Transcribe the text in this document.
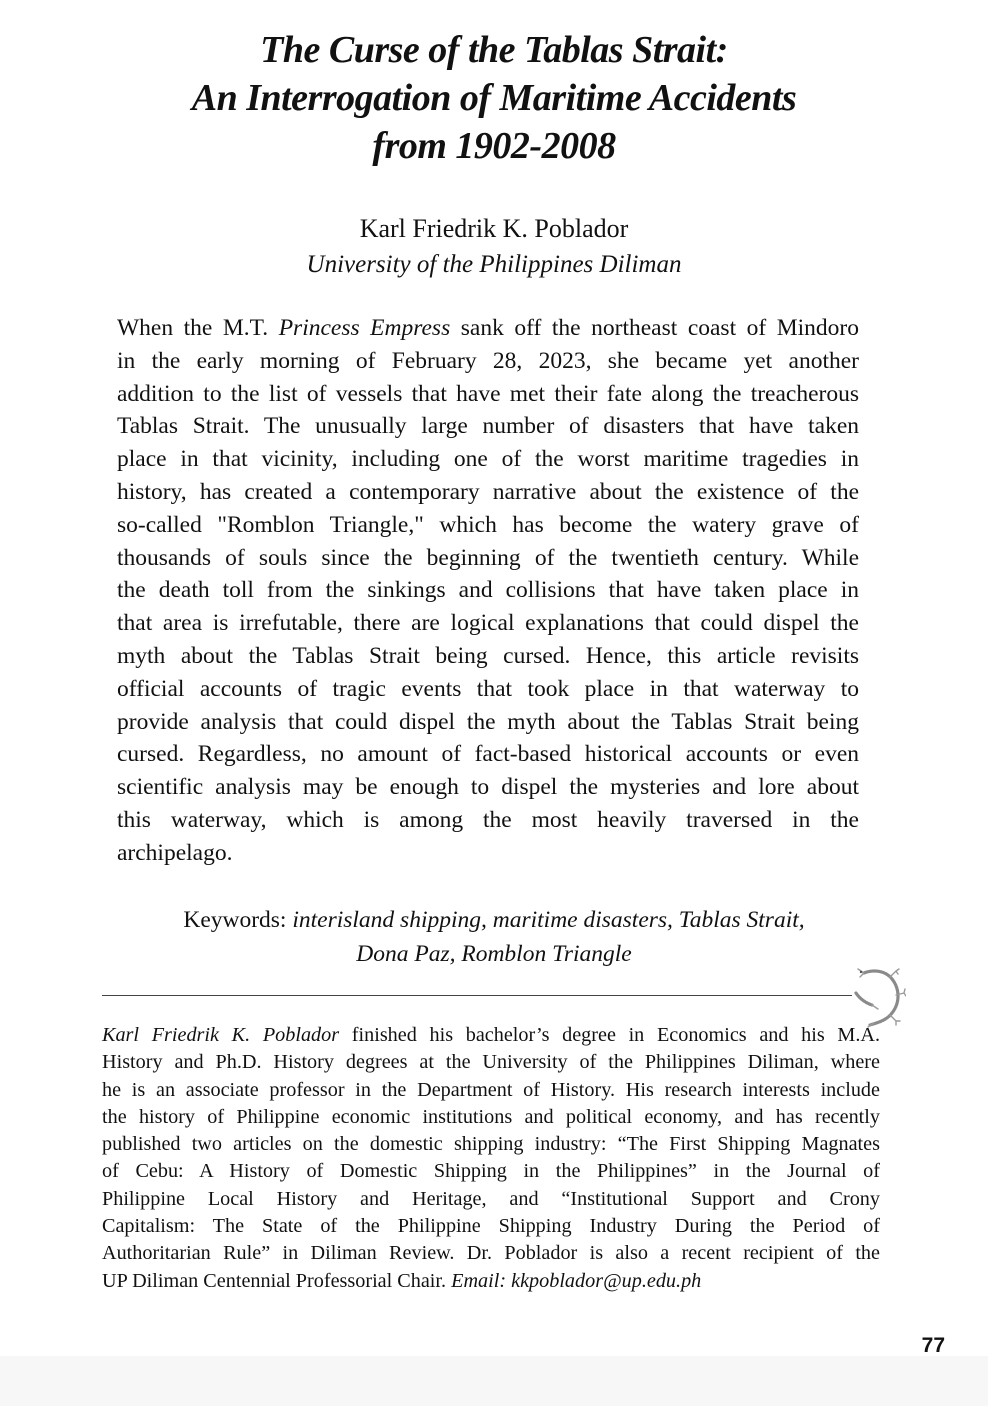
The Curse of the Tablas Strait:
An Interrogation of Maritime Accidents
from 1902-2008
Karl Friedrik K. Poblador
University of the Philippines Diliman
When the M.T. Princess Empress sank off the northeast coast of Mindoro
in the early morning of February 28, 2023, she became yet another
addition to the list of vessels that have met their fate along the treacherous
Tablas Strait. The unusually large number of disasters that have taken
place in that vicinity, including one of the worst maritime tragedies in
history, has created a contemporary narrative about the existence of the
so-called "Romblon Triangle," which has become the watery grave of
thousands of souls since the beginning of the twentieth century. While
the death toll from the sinkings and collisions that have taken place in
that area is irrefutable, there are logical explanations that could dispel the
myth about the Tablas Strait being cursed. Hence, this article revisits
official accounts of tragic events that took place in that waterway to
provide analysis that could dispel the myth about the Tablas Strait being
cursed. Regardless, no amount of fact-based historical accounts or even
scientific analysis may be enough to dispel the mysteries and lore about
this waterway, which is among the most heavily traversed in the
archipelago.
Keywords: interisland shipping, maritime disasters, Tablas Strait,
Dona Paz, Romblon Triangle
Karl Friedrik K. Poblador finished his bachelor’s degree in Economics and his M.A.
History and Ph.D. History degrees at the University of the Philippines Diliman, where
he is an associate professor in the Department of History. His research interests include
the history of Philippine economic institutions and political economy, and has recently
published two articles on the domestic shipping industry: “The First Shipping Magnates
of Cebu: A History of Domestic Shipping in the Philippines” in the Journal of
Philippine Local History and Heritage, and “Institutional Support and Crony
Capitalism: The State of the Philippine Shipping Industry During the Period of
Authoritarian Rule” in Diliman Review. Dr. Poblador is also a recent recipient of the
UP Diliman Centennial Professorial Chair. Email: kkpoblador@up.edu.ph
77
